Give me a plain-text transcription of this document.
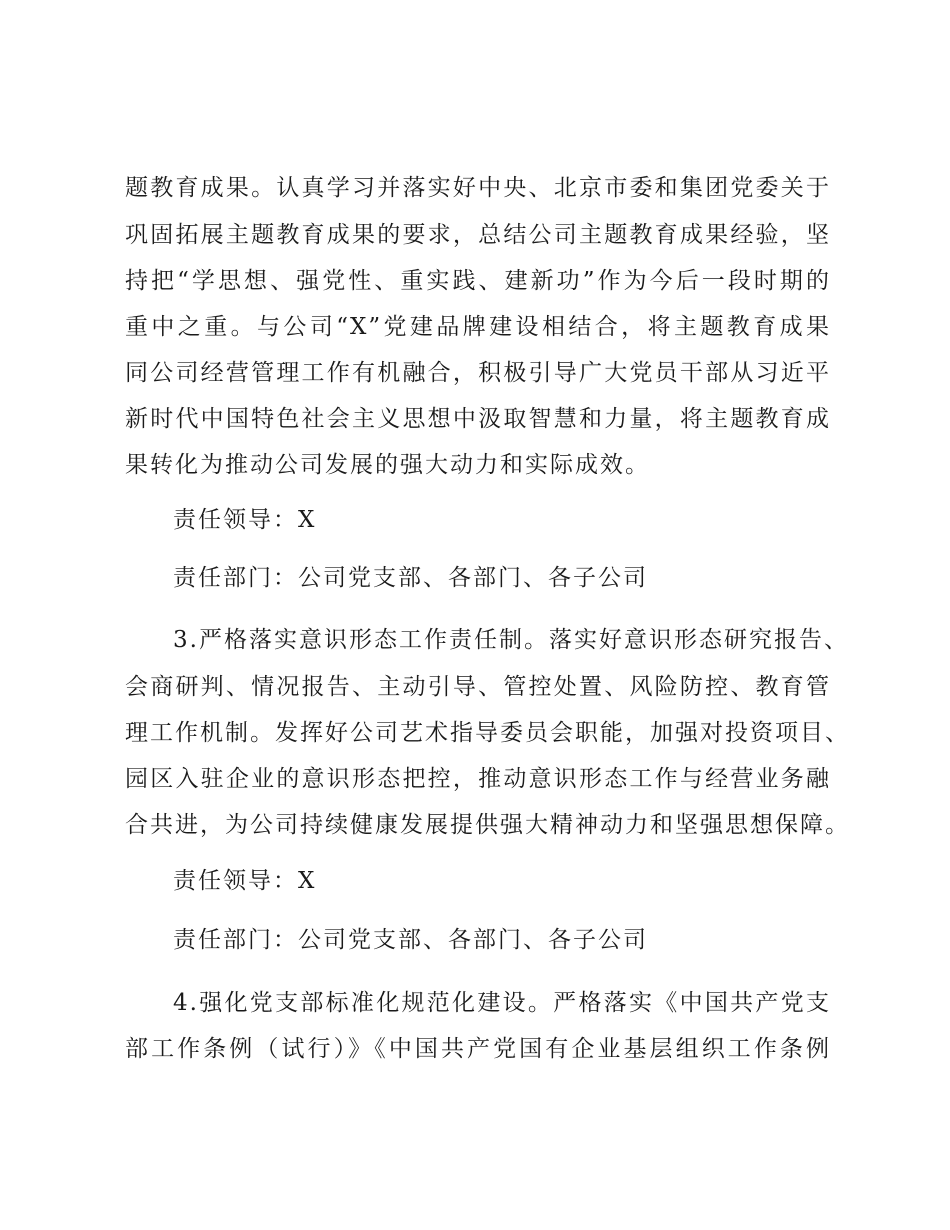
题教育成果。认真学习并落实好中央、北京市委和集团党委关于
巩固拓展主题教育成果的要求，总结公司主题教育成果经验，坚
持把“学思想、强党性、重实践、建新功”作为今后一段时期的
重中之重。与公司“X”党建品牌建设相结合，将主题教育成果
同公司经营管理工作有机融合，积极引导广大党员干部从习近平
新时代中国特色社会主义思想中汲取智慧和力量，将主题教育成
果转化为推动公司发展的强大动力和实际成效。
责任领导：X
责任部门：公司党支部、各部门、各子公司
3.严格落实意识形态工作责任制。落实好意识形态研究报告、
会商研判、情况报告、主动引导、管控处置、风险防控、教育管
理工作机制。发挥好公司艺术指导委员会职能，加强对投资项目、
园区入驻企业的意识形态把控，推动意识形态工作与经营业务融
合共进，为公司持续健康发展提供强大精神动力和坚强思想保障。
责任领导：X
责任部门：公司党支部、各部门、各子公司
4.强化党支部标准化规范化建设。严格落实《中国共产党支
部工作条例（试行）》《中国共产党国有企业基层组织工作条例
